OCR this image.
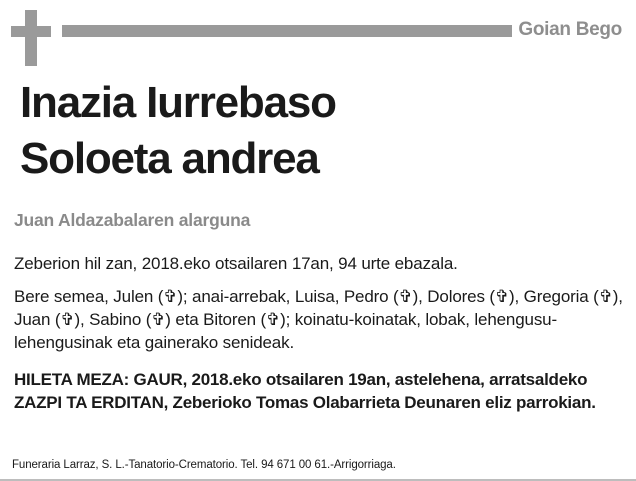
Goian Bego
Inazia Iurrebaso
Soloeta andrea
Juan Aldazabalaren alarguna

Zeberion hil zan, 2018.eko otsailaren 17an, 94 urte ebazala.

Bere semea, Julen (✞); anai-arrebak, Luisa, Pedro (✞), Dolores (✞), Gregoria (✞), Juan (✞), Sabino (✞) eta Bitoren (✞); koinatu-koinatak, lobak, lehengusu-lehengusinak eta gainerako senideak.

HILETA MEZA: GAUR, 2018.eko otsailaren 19an, astelehena, arratsaldeko ZAZPI TA ERDITAN, Zeberioko Tomas Olabarrieta Deunaren eliz parrokian.

Funeraria Larraz, S. L.-Tanatorio-Crematorio. Tel. 94 671 00 61.-Arrigorriaga.
